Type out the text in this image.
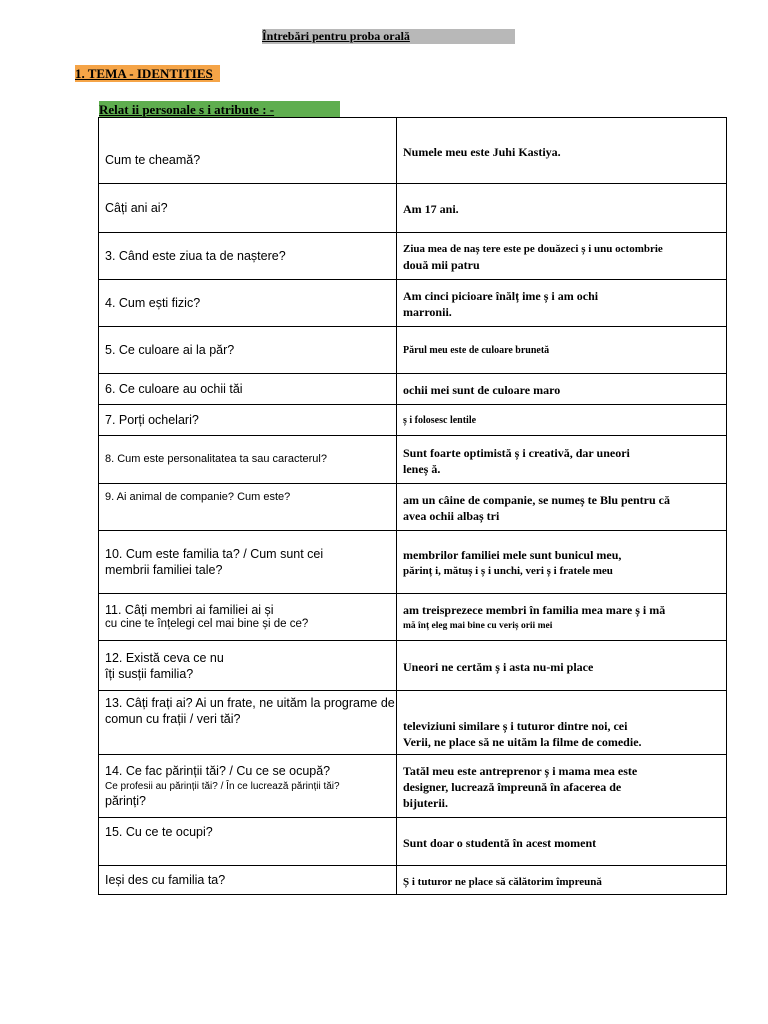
Întrebări pentru proba orală
1. TEMA - IDENTITIES
Relat ii personale s i atribute : -
Cum te cheamă?	Numele meu este Juhi Kastiya.

Câți ani ai?	Am 17 ani.

3. Când este ziua ta de naștere?	Ziua mea de naș tere este pe douăzeci ș i unu octombrie
două mii patru

4. Cum ești fizic?	Am cinci picioare înălț ime ș i am ochi
marronii.

5. Ce culoare ai la păr?	Părul meu este de culoare brunetă

6. Ce culoare au ochii tăi	ochii mei sunt de culoare maro

7. Porți ochelari?	ș i folosesc lentile

8. Cum este personalitatea ta sau caracterul?	Sunt foarte optimistă ș i creativă, dar uneori
leneș ă.

9. Ai animal de companie? Cum este?	am un câine de companie, se numeș te Blu pentru că
avea ochii albaș tri

10. Cum este familia ta? / Cum sunt cei
membrii familiei tale?	membrilor familiei mele sunt bunicul meu,
părinț i, mătuș i ș i unchi, veri ș i fratele meu

11. Câți membri ai familiei ai și
cu cine te înțelegi cel mai bine și de ce?	am treisprezece membri în familia mea mare ș i mă
mă înț eleg mai bine cu veriș orii mei

12. Există ceva ce nu
îți susții familia?	Uneori ne certăm ș i asta nu-mi place

13. Câți frați ai? Ai un frate, ne uităm la programe de
comun cu frații / veri tăi?	televiziuni similare ș i tuturor dintre noi, cei
Verii, ne place să ne uităm la filme de comedie.

14. Ce fac părinții tăi? / Cu ce se ocupă?
Ce profesii au părinții tăi? / În ce lucrează părinții tăi?
părinți?	Tatăl meu este antreprenor ș i mama mea este
designer, lucrează împreună în afacerea de
bijuterii.

15. Cu ce te ocupi?	Sunt doar o studentă în acest moment

Ieși des cu familia ta?	Ș i tuturor ne place să călătorim împreună
